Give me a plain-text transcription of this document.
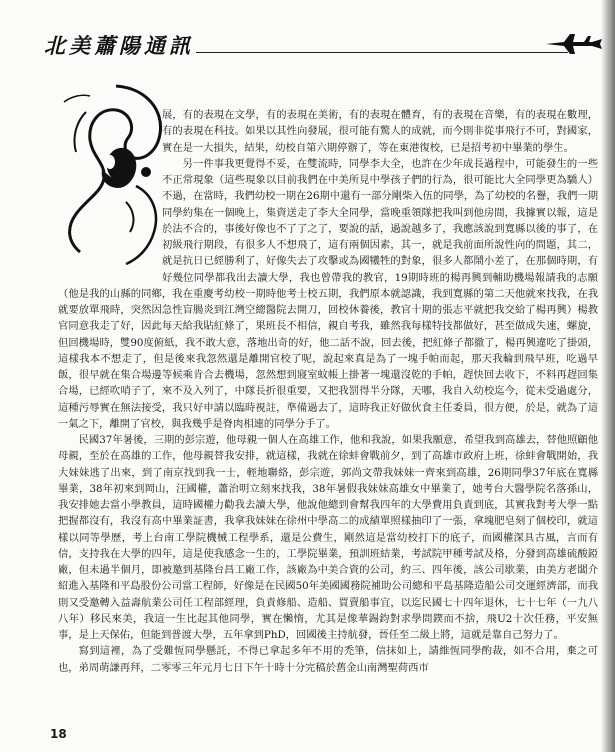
北美蕭陽通訊

展，有的表現在文學，有的表現在美術，有的表現在體育，有的表現在音樂，有的表現在數理，有的表現在科技。如果以其性向發展，很可能有驚人的成就，而今則非從事飛行不可，對國家，實在是一大損失，結果，幼校自第六期停辦了，等在東港復校，已是招考初中畢業的學生。

另一件事我更覺得不妥，在雙流時，同學李大全，也許在少年成長過程中，可能發生的一些不正常現象（這些現象以目前我們在中美所見中學孩子們的行為，很可能比大全同學更為驕人）不過，在當時，我們幼校一期在26期中還有一部分剛柴入伍的同學，為了幼校的名譽，我們一期同學約集在一個晚上，集資送走了李大全同學，當晚重領隊把我叫到他房間，我據實以報，這是於法不合的，事後好像也不了了之了，要說的話，過說越多了，我應該說到寬縣以後的事了，在初級飛行期段，有很多人不想飛了，這有兩個因素，其一，就是我前面所說性向的問題，其二，就是抗日已經勝利了，好像失去了攻擊或為國犧牲的對象，很多人都鬧小差了，在那個時期，有好幾位同學都我出去讀大學，我也曾帶我的教官，19期時班的楊再興到輔助機場報請我的志願（他是我的山縣的同鄉，我在重慶考幼校一期時他考士校五期，我們原本就認識，我到寬縣的第二天他就來找我，在我就要放單飛時，突然因急性盲腸炎到江灣空總醫院去開刀，回校休養後，教官十期的張志平就把我交給了楊再興）楊教官同意我走了好，因此每天給我貼紅條了，果班長不相信，親自考我，雖然我每樣特技都做好，甚至做成失速，螺旋，但回機場時，雙90度俯紙，我不敢大意，落地出奇的好，他二話不說，回去後，把紅條子都撤了，楊再興違吃了掛頭，這樣我本不想走了，但是後來我忽然還是離開官校了呢，說起來真是為了一塊手帕而起，那天我輪到飛早班，吃過早飯，很早就在集合場邊等候乘肯合去機場，忽然想到寢室蚊帳上掛著一塊還沒乾的手帕，趕快回去收下，不料再趕回集合場，已經吹哨子了，來不及入列了，中隊長折很重要，又把我罰得半分隊，天哪，我自入幼校迄今，從未受過處分，這種污辱實在無法接受，我只好申請以臨時視註，準備過去了，這時我正好做伙食主任委員，很方便，於是，就為了這一氣之下，離開了官校，與我幾乎是脊肉相連的同學分手了。

民國37年暑後，三期的彭宗遊，他母親一個人在高雄工作，他和我說，如果我願意，希望我到高雄去，替他照顧他母親，至於在高雄的工作，他母親替我安排，就這樣，我就在徐蚌會戰前夕，到了高雄市政府上班，徐蚌會戰開始，我大妹妹逃了出來，到了南京找到我一士，輕地聯絡，彭宗遊，郭尚文帶我妹妹一齊來到高雄，26期同學37年底在寬縣畢業，38年初來到岡山，汪國權，蕭治明立刻來找我，38年暑假我妹妹高雄女中畢業了，她考台大醫學院名落孫山，我安排她去當小學教員，這時國權力勸我去讀大學，他說他總到會幫我四年的大學費用負責到底，其實我對考大學一點把握都沒有，我沒有高中畢業証書，我拿我妹妹在徐州中學高二的成績單照樣抽印了一張，拿塊肥皂刻了個校印，就這樣以同等學歷，考上台南工學院機械工程學系，還是公費生，剛然這是當幼校打下的底子，而國權深具古風，言而有信，支持我在大學的四年，這是使我感念一生的，工學院畢業，預訓班結業，考試院甲種考試及格，分發到高雄硫酸錏廠，但未過半個月，即被邀到基隆台昌工廠工作，該廠為中美合資的公司，約三、四年後，該公司歇業，由美方老闆介紹進入基隆和平島股份公司當工程師，好像是在民國50年美國國務院補助公司總和平島基隆造船公司交運經濟部，而我則又受邀轉入益壽航業公司任工程部經理，負責修船、造船、買賣船事宜，以迄民國七十四年退休，七十七年（一九八八年）移民來美，我這一生比起其他同學，實在懶惰，尤其是像華錫鈞對求學問鍥而不捨，飛U2十次任務，平安無事，是上天保佑，但能到普渡大學，五年拿到PhD，回國後主持航發，晉任至二級上將，這就是靠自己努力了。

寫到這裡，為了受難恆同學懸託，不得已拿起多年不用的禿筆，信抹如上，請維恆同學酌裁，如不合用，棄之可也，弟周萌謙再拜，二零零三年元月七日下午十時十分完稿於舊金山南灣聖荷西市

18
